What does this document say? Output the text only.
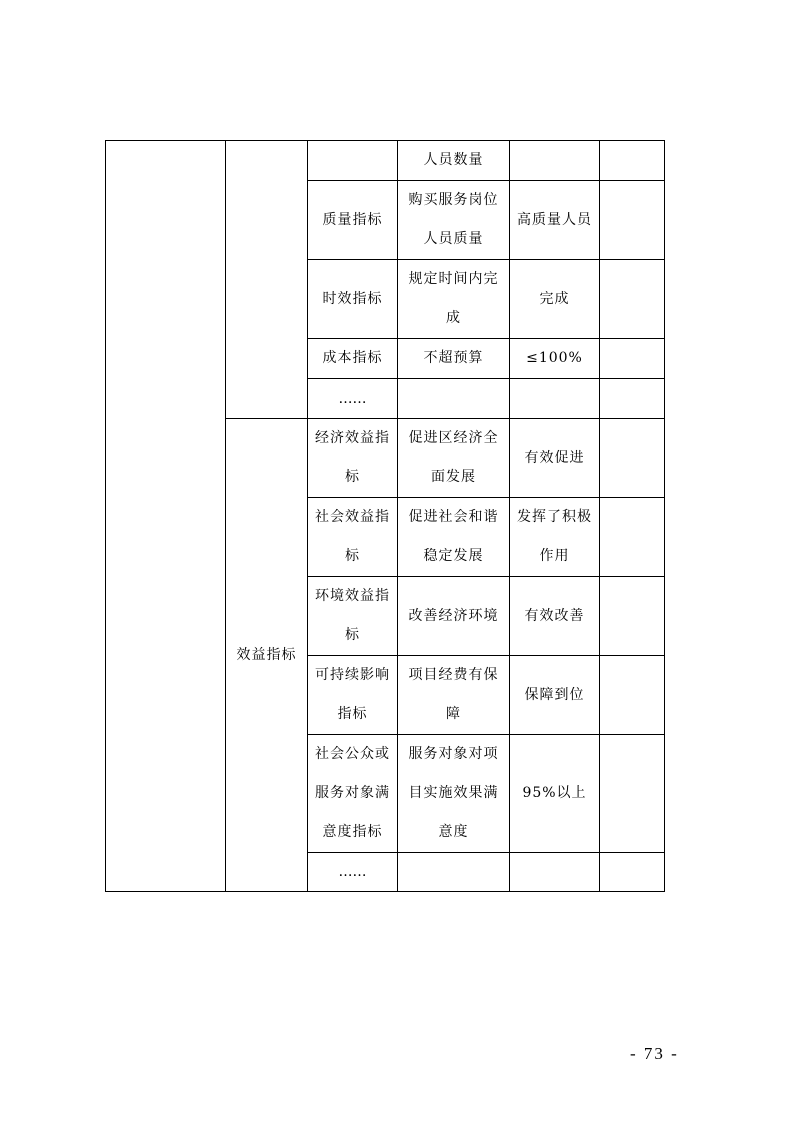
			人员数量		
		质量指标	购买服务岗位人员质量	高质量人员	
		时效指标	规定时间内完成	完成	
		成本指标	不超预算	≤100%	
		……			
	效益指标	经济效益指标	促进区经济全面发展	有效促进	
		社会效益指标	促进社会和谐稳定发展	发挥了积极作用	
		环境效益指标	改善经济环境	有效改善	
		可持续影响指标	项目经费有保障	保障到位	
		社会公众或服务对象满意度指标	服务对象对项目实施效果满意度	95%以上	
		……			
- 73 -
